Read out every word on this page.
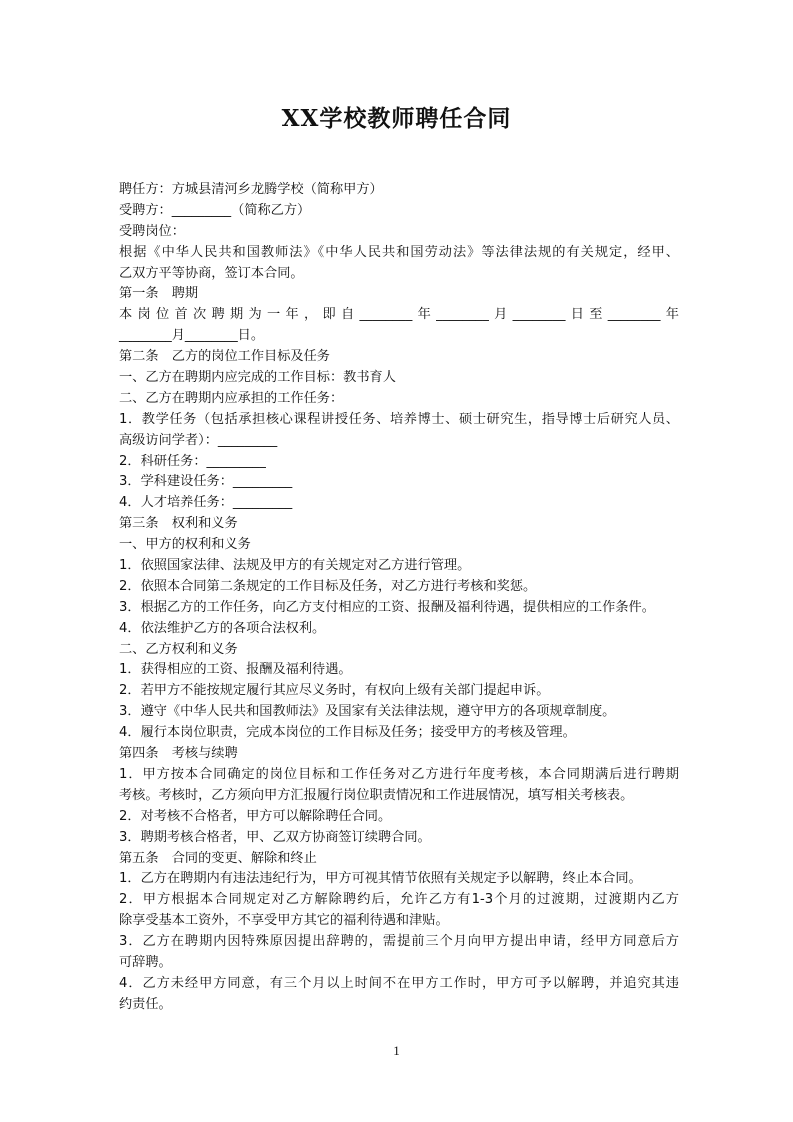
XX学校教师聘任合同
聘任方：方城县清河乡龙腾学校（简称甲方）
受聘方：_________（简称乙方）
受聘岗位：
根据《中华人民共和国教师法》《中华人民共和国劳动法》等法律法规的有关规定，经甲、
乙双方平等协商，签订本合同。
第一条　聘期
本岗位首次聘期为一年，即自________年________月________日至________年
________月________日。
第二条　乙方的岗位工作目标及任务
一、乙方在聘期内应完成的工作目标：教书育人
二、乙方在聘期内应承担的工作任务：
1．教学任务（包括承担核心课程讲授任务、培养博士、硕士研究生，指导博士后研究人员、
高级访问学者）：_________
2．科研任务：_________
3．学科建设任务：_________
4．人才培养任务：_________
第三条　权利和义务
一、甲方的权利和义务
1．依照国家法律、法规及甲方的有关规定对乙方进行管理。
2．依照本合同第二条规定的工作目标及任务，对乙方进行考核和奖惩。
3．根据乙方的工作任务，向乙方支付相应的工资、报酬及福利待遇，提供相应的工作条件。
4．依法维护乙方的各项合法权利。
二、乙方权利和义务
1．获得相应的工资、报酬及福利待遇。
2．若甲方不能按规定履行其应尽义务时，有权向上级有关部门提起申诉。
3．遵守《中华人民共和国教师法》及国家有关法律法规，遵守甲方的各项规章制度。
4．履行本岗位职责，完成本岗位的工作目标及任务；接受甲方的考核及管理。
第四条　考核与续聘
1．甲方按本合同确定的岗位目标和工作任务对乙方进行年度考核，本合同期满后进行聘期
考核。考核时，乙方须向甲方汇报履行岗位职责情况和工作进展情况，填写相关考核表。
2．对考核不合格者，甲方可以解除聘任合同。
3．聘期考核合格者，甲、乙双方协商签订续聘合同。
第五条　合同的变更、解除和终止
1．乙方在聘期内有违法违纪行为，甲方可视其情节依照有关规定予以解聘，终止本合同。
2．甲方根据本合同规定对乙方解除聘约后，允许乙方有1-3个月的过渡期，过渡期内乙方
除享受基本工资外，不享受甲方其它的福利待遇和津贴。
3．乙方在聘期内因特殊原因提出辞聘的，需提前三个月向甲方提出申请，经甲方同意后方
可辞聘。
4．乙方未经甲方同意，有三个月以上时间不在甲方工作时，甲方可予以解聘，并追究其违
约责任。
1
